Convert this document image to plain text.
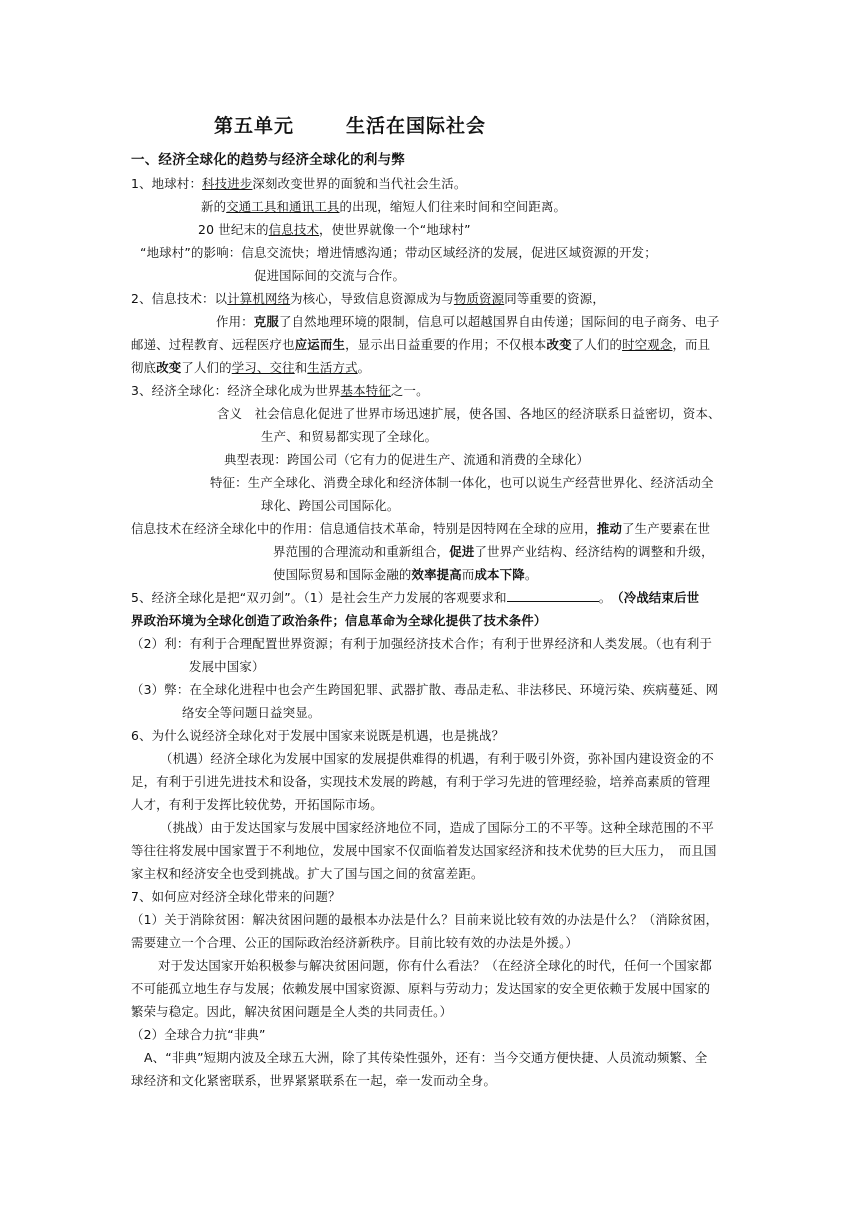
第五单元	生活在国际社会
一、经济全球化的趋势与经济全球化的利与弊
1、地球村：科技进步深刻改变世界的面貌和当代社会生活。
新的交通工具和通讯工具的出现，缩短人们往来时间和空间距离。
20 世纪末的信息技术，使世界就像一个“地球村”
“地球村”的影响：信息交流快；增进情感沟通；带动区域经济的发展，促进区域资源的开发；
促进国际间的交流与合作。
2、信息技术：以计算机网络为核心，导致信息资源成为与物质资源同等重要的资源，
作用：克服了自然地理环境的限制，信息可以超越国界自由传递；国际间的电子商务、电子
邮递、过程教育、远程医疗也应运而生，显示出日益重要的作用；不仅根本改变了人们的时空观念，而且
彻底改变了人们的学习、交往和生活方式。
3、经济全球化：经济全球化成为世界基本特征之一。
含义　社会信息化促进了世界市场迅速扩展，使各国、各地区的经济联系日益密切，资本、
生产、和贸易都实现了全球化。
典型表现：跨国公司（它有力的促进生产、流通和消费的全球化）
特征：生产全球化、消费全球化和经济体制一体化，也可以说生产经营世界化、经济活动全
球化、跨国公司国际化。
信息技术在经济全球化中的作用：信息通信技术革命，特别是因特网在全球的应用，推动了生产要素在世
界范围的合理流动和重新组合，促进了世界产业结构、经济结构的调整和升级，
使国际贸易和国际金融的效率提高而成本下降。
5、经济全球化是把“双刃剑”。（1）是社会生产力发展的客观要求和	。 （冷战结束后世
界政治环境为全球化创造了政治条件；信息革命为全球化提供了技术条件）
（2）利：有利于合理配置世界资源；有利于加强经济技术合作；有利于世界经济和人类发展。（也有利于
发展中国家）
（3）弊：在全球化进程中也会产生跨国犯罪、武器扩散、毒品走私、非法移民、环境污染、疾病蔓延、网
络安全等问题日益突显。
6、为什么说经济全球化对于发展中国家来说既是机遇，也是挑战？
（机遇）经济全球化为发展中国家的发展提供难得的机遇，有利于吸引外资，弥补国内建设资金的不
足，有利于引进先进技术和设备，实现技术发展的跨越，有利于学习先进的管理经验，培养高素质的管理
人才，有利于发挥比较优势，开拓国际市场。
（挑战）由于发达国家与发展中国家经济地位不同，造成了国际分工的不平等。这种全球范围的不平
等往往将发展中国家置于不利地位，发展中国家不仅面临着发达国家经济和技术优势的巨大压力，　而且国
家主权和经济安全也受到挑战。扩大了国与国之间的贫富差距。
7、如何应对经济全球化带来的问题？
（1）关于消除贫困：解决贫困问题的最根本办法是什么？目前来说比较有效的办法是什么？（消除贫困，
需要建立一个合理、公正的国际政治经济新秩序。目前比较有效的办法是外援。）
对于发达国家开始积极参与解决贫困问题，你有什么看法？（在经济全球化的时代，任何一个国家都
不可能孤立地生存与发展；依赖发展中国家资源、原料与劳动力；发达国家的安全更依赖于发展中国家的
繁荣与稳定。因此，解决贫困问题是全人类的共同责任。）
（2）全球合力抗“非典”
A、“非典”短期内波及全球五大洲，除了其传染性强外，还有：当今交通方便快捷、人员流动频繁、全
球经济和文化紧密联系，世界紧紧联系在一起，牵一发而动全身。
